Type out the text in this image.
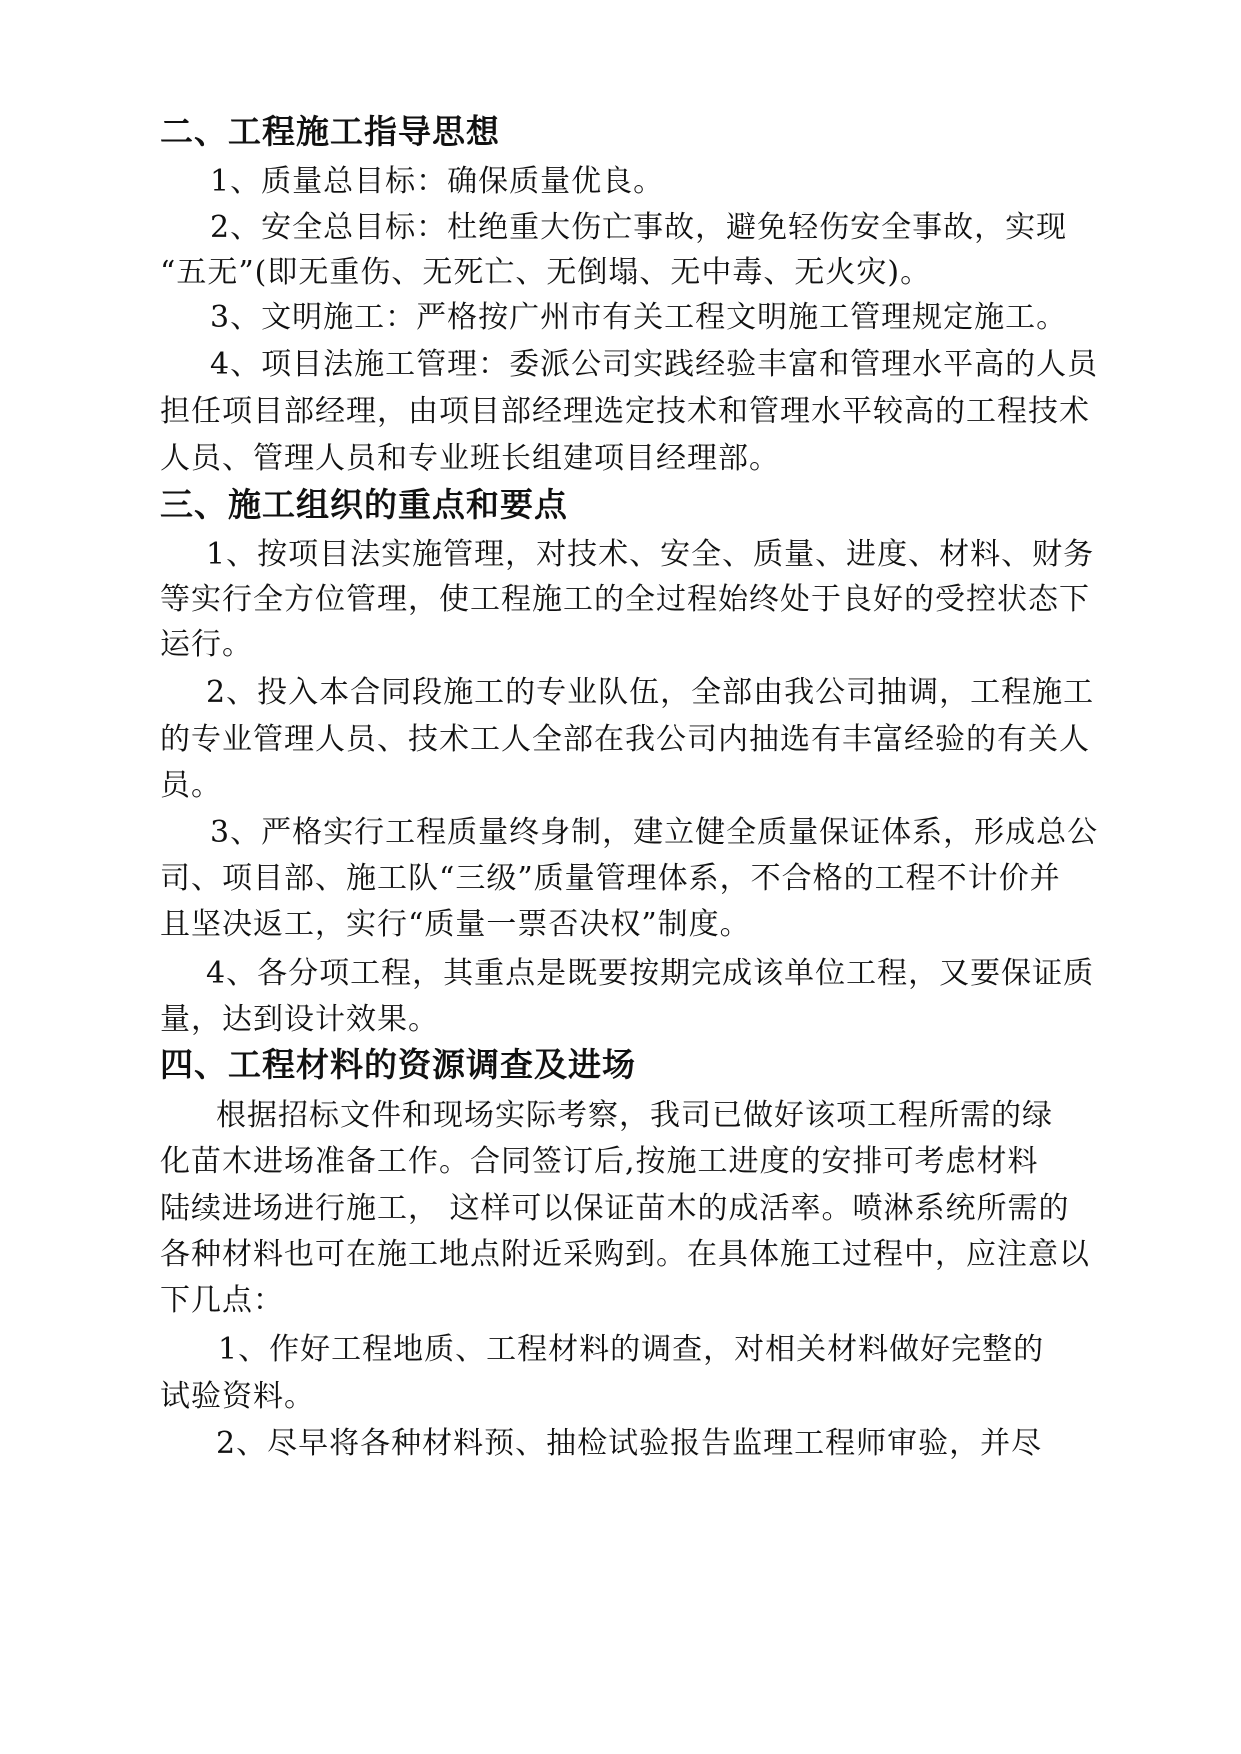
二、工程施工指导思想
1、质量总目标：确保质量优良。
2、安全总目标：杜绝重大伤亡事故，避免轻伤安全事故，实现
“五无”(即无重伤、无死亡、无倒塌、无中毒、无火灾)。
3、文明施工：严格按广州市有关工程文明施工管理规定施工。
4、项目法施工管理：委派公司实践经验丰富和管理水平高的人员
担任项目部经理，由项目部经理选定技术和管理水平较高的工程技术
人员、管理人员和专业班长组建项目经理部。
三、施工组织的重点和要点
1、按项目法实施管理，对技术、安全、质量、进度、材料、财务
等实行全方位管理，使工程施工的全过程始终处于良好的受控状态下
运行。
2、投入本合同段施工的专业队伍，全部由我公司抽调，工程施工
的专业管理人员、技术工人全部在我公司内抽选有丰富经验的有关人
员。
3、严格实行工程质量终身制，建立健全质量保证体系，形成总公
司、项目部、施工队“三级”质量管理体系，不合格的工程不计价并
且坚决返工，实行“质量一票否决权”制度。
4、各分项工程，其重点是既要按期完成该单位工程，又要保证质
量，达到设计效果。
四、工程材料的资源调查及进场
根据招标文件和现场实际考察，我司已做好该项工程所需的绿
化苗木进场准备工作。合同签订后,按施工进度的安排可考虑材料
陆续进场进行施工， 这样可以保证苗木的成活率。喷淋系统所需的
各种材料也可在施工地点附近采购到。在具体施工过程中，应注意以
下几点：
1、作好工程地质、工程材料的调查，对相关材料做好完整的
试验资料。
2、尽早将各种材料预、抽检试验报告监理工程师审验，并尽
